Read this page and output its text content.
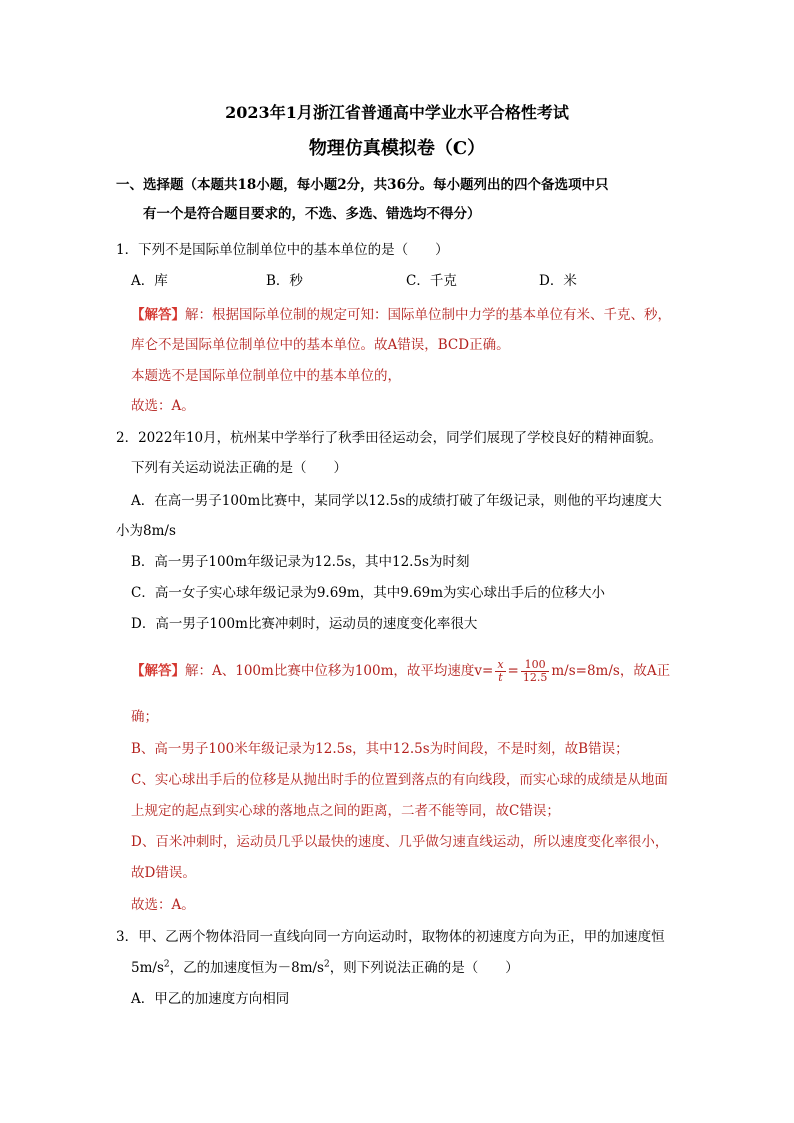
2023年1月浙江省普通高中学业水平合格性考试
物理仿真模拟卷（C）
一、选择题（本题共18小题，每小题2分，共36分。每小题列出的四个备选项中只
有一个是符合题目要求的，不选、多选、错选均不得分）
1．下列不是国际单位制单位中的基本单位的是（　　）
A．库	B．秒	C．千克	D．米
【解答】解：根据国际单位制的规定可知：国际单位制中力学的基本单位有米、千克、秒，
库仑不是国际单位制单位中的基本单位。故A错误，BCD正确。
本题选不是国际单位制单位中的基本单位的，
故选：A。
2．2022年10月，杭州某中学举行了秋季田径运动会，同学们展现了学校良好的精神面貌。
下列有关运动说法正确的是（　　）
A．在高一男子100m比赛中，某同学以12.5s的成绩打破了年级记录，则他的平均速度大
小为8m/s
B．高一男子100m年级记录为12.5s，其中12.5s为时刻
C．高一女子实心球年级记录为9.69m，其中9.69m为实心球出手后的位移大小
D．高一男子100m比赛冲刺时，运动员的速度变化率很大
【解答】解：A、100m比赛中位移为100m，故平均速度$v= \frac{x}{t} = \frac{100}{12.5} m/s=8m/s$，故A正
确；
B、高一男子100米年级记录为12.5s，其中12.5s为时间段，不是时刻，故B错误；
C、实心球出手后的位移是从抛出时手的位置到落点的有向线段，而实心球的成绩是从地面
上规定的起点到实心球的落地点之间的距离，二者不能等同，故C错误；
D、百米冲刺时，运动员几乎以最快的速度、几乎做匀速直线运动，所以速度变化率很小，
故D错误。
故选：A。
3．甲、乙两个物体沿同一直线向同一方向运动时，取物体的初速度方向为正，甲的加速度恒
$5m/s^2$，乙的加速度恒为$-8m/s^2$，则下列说法正确的是（　　）
A．甲乙的加速度方向相同
